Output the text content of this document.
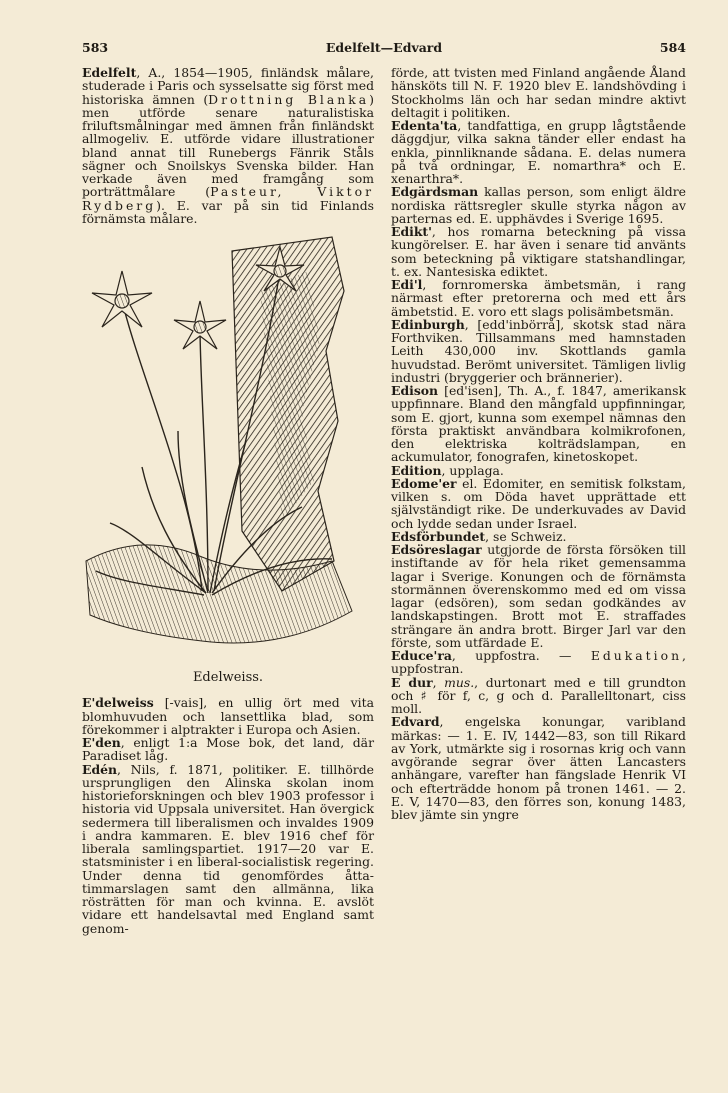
583	Edelfelt—Edvard	584

Edelfelt, A., 1854—1905, finländsk målare, studerade i Paris och sysselsatte sig först med historiska ämnen (Drottning Blanka) men utförde senare naturalistiska friluftsmålningar med ämnen från finländskt allmogeliv. E. utförde vidare illustrationer bland annat till Runebergs Fänrik Ståls sägner och Snoilskys Svenska bilder. Han verkade även med framgång som porträttmålare (Pasteur, Viktor Rydberg). E. var på sin tid Finlands förnämsta målare.

Edelweiss.

E'delweiss [-vais], en ullig ört med vita blomhuvuden och lansettlika blad, som förekommer i alptrakter i Europa och Asien.

E'den, enligt 1:a Mose bok, det land, där Paradiset låg.

Edén, Nils, f. 1871, politiker. E. tillhörde ursprungligen den Alinska skolan inom historieforskningen och blev 1903 professor i historia vid Uppsala universitet. Han övergick sedermera till liberalismen och invaldes 1909 i andra kammaren. E. blev 1916 chef för liberala samlingspartiet. 1917—20 var E. statsminister i en liberal-socialistisk regering. Under denna tid genomfördes åtta-timmarslagen samt den allmänna, lika rösträtten för man och kvinna. E. avslöt vidare ett handelsavtal med England samt genom-

förde, att tvisten med Finland angående Åland hänsköts till N. F. 1920 blev E. landshövding i Stockholms län och har sedan mindre aktivt deltagit i politiken.

Edenta'ta, tandfattiga, en grupp lågtstående däggdjur, vilka sakna tänder eller endast ha enkla, pinnliknande sådana. E. delas numera på två ordningar, E. nomarthra* och E. xenarthra*.

Edgärdsman kallas person, som enligt äldre nordiska rättsregler skulle styrka någon av parternas ed. E. upphävdes i Sverige 1695.

Edikt', hos romarna beteckning på vissa kungörelser. E. har även i senare tid använts som beteckning på viktigare statshandlingar, t. ex. Nantesiska ediktet.

Edi'l, fornromerska ämbetsmän, i rang närmast efter pretorerna och med ett års ämbetstid. E. voro ett slags polisämbetsmän.

Edinburgh, [edd'inbörrå], skotsk stad nära Forthviken. Tillsammans med hamnstaden Leith 430,000 inv. Skottlands gamla huvudstad. Berömt universitet. Tämligen livlig industri (bryggerier och brännerier).

Edison [ed'isen], Th. A., f. 1847, amerikansk uppfinnare. Bland den mångfald uppfinningar, som E. gjort, kunna som exempel nämnas den första praktiskt användbara kolmikrofonen, den elektriska kolträdslampan, en ackumulator, fonografen, kinetoskopet.

Edition, upplaga.

Edome'er el. Edomiter, en semitisk folkstam, vilken s. om Döda havet upprättade ett självständigt rike. De underkuvades av David och lydde sedan under Israel.

Edsförbundet, se Schweiz.

Edsöreslagar utgjorde de första försöken till instiftande av för hela riket gemensamma lagar i Sverige. Konungen och de förnämsta stormännen överenskommo med ed om vissa lagar (edsören), som sedan godkändes av landskapstingen. Brott mot E. straffades strängare än andra brott. Birger Jarl var den förste, som utfärdade E.

Educe'ra, uppfostra. — Edukation, uppfostran.

E dur, mus., durtonart med e till grundton och ♯ för f, c, g och d. Parallelltonart, ciss moll.

Edvard, engelska konungar, varibland märkas: — 1. E. IV, 1442—83, son till Rikard av York, utmärkte sig i rosornas krig och vann avgörande segrar över ätten Lancasters anhängare, varefter han fängslade Henrik VI och efterträdde honom på tronen 1461. — 2. E. V, 1470—83, den förres son, konung 1483, blev jämte sin yngre
